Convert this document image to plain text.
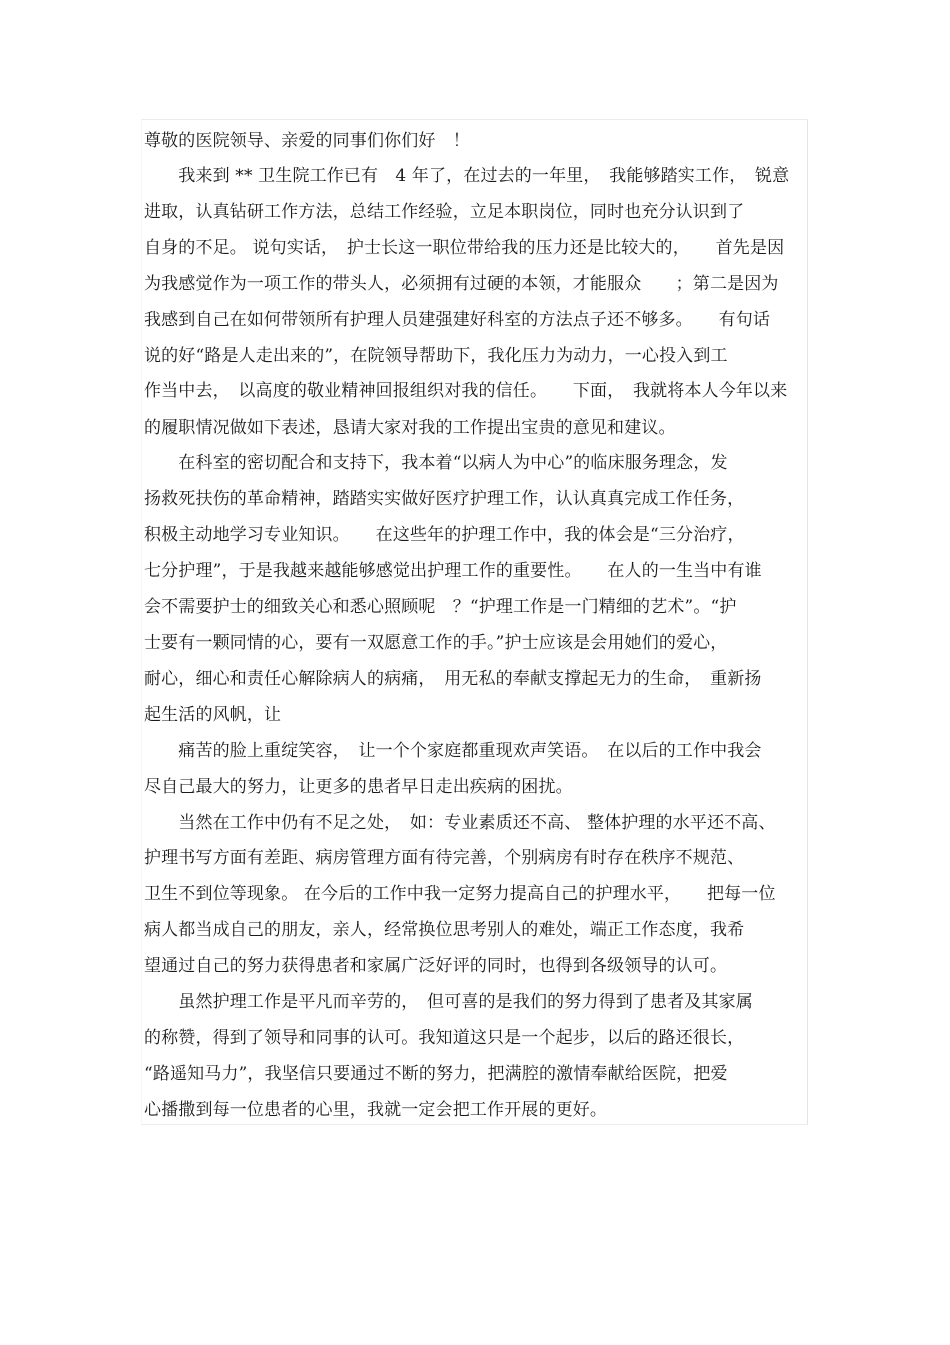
尊敬的医院领导、亲爱的同事们你们好　！
　　我来到 ** 卫生院工作已有　4 年了，在过去的一年里，　我能够踏实工作，　锐意
进取，认真钻研工作方法，总结工作经验，立足本职岗位，同时也充分认识到了
自身的不足。 说句实话，　护士长这一职位带给我的压力还是比较大的，　　首先是因
为我感觉作为一项工作的带头人，必须拥有过硬的本领，才能服众　　；第二是因为
我感到自己在如何带领所有护理人员建强建好科室的方法点子还不够多。　　有句话
说的好“路是人走出来的”，在院领导帮助下，我化压力为动力，一心投入到工
作当中去，　以高度的敬业精神回报组织对我的信任。　　下面，　我就将本人今年以来
的履职情况做如下表述，恳请大家对我的工作提出宝贵的意见和建议。
　　在科室的密切配合和支持下，我本着“以病人为中心”的临床服务理念，发
扬救死扶伤的革命精神，踏踏实实做好医疗护理工作，认认真真完成工作任务，
积极主动地学习专业知识。　　在这些年的护理工作中，我的体会是“三分治疗，
七分护理”，于是我越来越能够感觉出护理工作的重要性。　　在人的一生当中有谁
会不需要护士的细致关心和悉心照顾呢　？“护理工作是一门精细的艺术”。“护
士要有一颗同情的心，要有一双愿意工作的手。”护士应该是会用她们的爱心，
耐心，细心和责任心解除病人的病痛，　用无私的奉献支撑起无力的生命，　重新扬
起生活的风帆，让
　　痛苦的脸上重绽笑容，　让一个个家庭都重现欢声笑语。　在以后的工作中我会
尽自己最大的努力，让更多的患者早日走出疾病的困扰。
　　当然在工作中仍有不足之处，　如：专业素质还不高、 整体护理的水平还不高、
护理书写方面有差距、病房管理方面有待完善，个别病房有时存在秩序不规范、
卫生不到位等现象。 在今后的工作中我一定努力提高自己的护理水平，　　把每一位
病人都当成自己的朋友，亲人，经常换位思考别人的难处，端正工作态度，我希
望通过自己的努力获得患者和家属广泛好评的同时，也得到各级领导的认可。
　　虽然护理工作是平凡而辛劳的，　但可喜的是我们的努力得到了患者及其家属
的称赞，得到了领导和同事的认可。我知道这只是一个起步，以后的路还很长，
“路遥知马力”，我坚信只要通过不断的努力，把满腔的激情奉献给医院，把爱
心播撒到每一位患者的心里，我就一定会把工作开展的更好。
